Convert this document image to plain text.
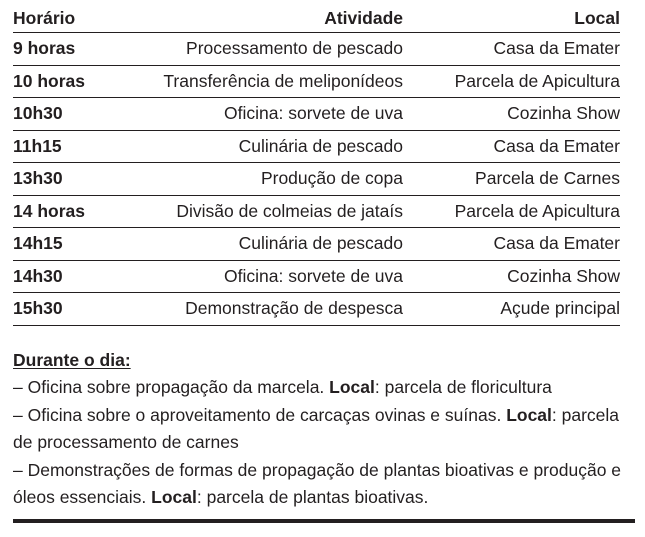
Horário	Atividade	Local
9 horas	Processamento de pescado	Casa da Emater
10 horas	Transferência de meliponídeos	Parcela de Apicultura
10h30	Oficina: sorvete de uva	Cozinha Show
11h15	Culinária de pescado	Casa da Emater
13h30	Produção de copa	Parcela de Carnes
14 horas	Divisão de colmeias de jataís	Parcela de Apicultura
14h15	Culinária de pescado	Casa da Emater
14h30	Oficina: sorvete de uva	Cozinha Show
15h30	Demonstração de despesca	Açude principal
Durante o dia:

– Oficina sobre propagação da marcela. Local: parcela de floricultura

– Oficina sobre o aproveitamento de carcaças ovinas e suínas. Local: parcela de processamento de carnes

– Demonstrações de formas de propagação de plantas bioativas e produção e óleos essenciais. Local: parcela de plantas bioativas.
